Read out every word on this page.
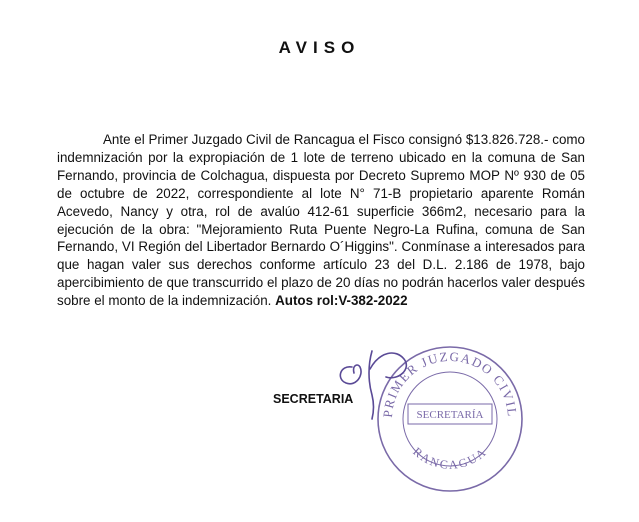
AVISO

Ante el Primer Juzgado Civil de Rancagua el Fisco consignó $13.826.728.- como indemnización por la expropiación de 1 lote de terreno ubicado en la comuna de San Fernando, provincia de Colchagua, dispuesta por Decreto Supremo MOP Nº 930 de 05 de octubre de 2022, correspondiente al lote N° 71-B propietario aparente Román Acevedo, Nancy y otra, rol de avalúo 412-61 superficie 366m2, necesario para la ejecución de la obra: "Mejoramiento Ruta Puente Negro-La Rufina, comuna de San Fernando, VI Región del Libertador Bernardo O´Higgins". Conmínase a interesados para que hagan valer sus derechos conforme artículo 23 del D.L. 2.186 de 1978, bajo apercibimiento de que transcurrido el plazo de 20 días no podrán hacerlos valer después sobre el monto de la indemnización. Autos rol:V-382-2022

SECRETARIA
PRIMER JUZGADO CIVIL
RANCAGUA
SECRETARÍA
